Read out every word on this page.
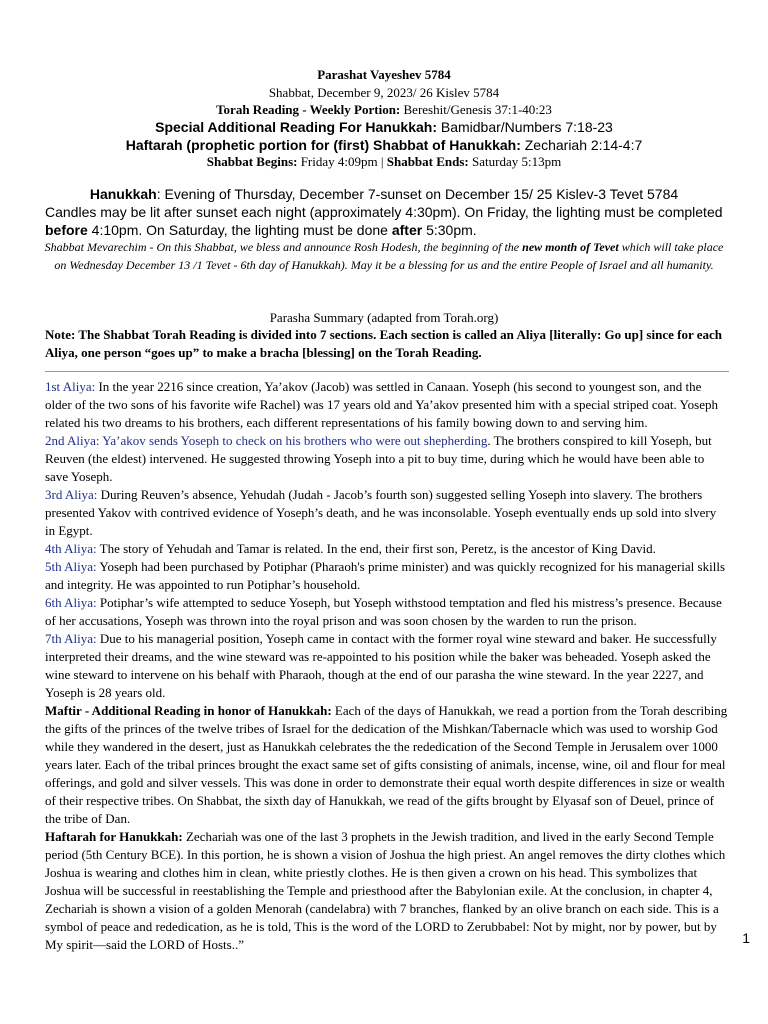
Parashat Vayeshev 5784
Shabbat, December 9, 2023/ 26 Kislev 5784
Torah Reading - Weekly Portion: Bereshit/Genesis 37:1-40:23
Special Additional Reading For Hanukkah: Bamidbar/Numbers 7:18-23
Haftarah (prophetic portion for (first) Shabbat of Hanukkah: Zechariah 2:14-4:7
Shabbat Begins: Friday 4:09pm | Shabbat Ends: Saturday 5:13pm
Hanukkah: Evening of Thursday, December 7-sunset on December 15/ 25 Kislev-3 Tevet 5784
Candles may be lit after sunset each night (approximately 4:30pm). On Friday, the lighting must be completed
before 4:10pm. On Saturday, the lighting must be done after 5:30pm.
Shabbat Mevarechim - On this Shabbat, we bless and announce Rosh Hodesh, the beginning of the new month of Tevet which will take place on Wednesday December 13 /1 Tevet - 6th day of Hanukkah). May it be a blessing for us and the entire People of Israel and all humanity.
Parasha Summary (adapted from Torah.org)
Note: The Shabbat Torah Reading is divided into 7 sections. Each section is called an Aliya [literally: Go up] since for each Aliya, one person “goes up” to make a bracha [blessing] on the Torah Reading.

1st Aliya: In the year 2216 since creation, Ya’akov (Jacob) was settled in Canaan. Yoseph (his second to youngest son, and the older of the two sons of his favorite wife Rachel) was 17 years old and Ya’akov presented him with a special striped coat. Yoseph related his two dreams to his brothers, each different representations of his family bowing down to and serving him.

2nd Aliya: Ya’akov sends Yoseph to check on his brothers who were out shepherding. The brothers conspired to kill Yoseph, but Reuven (the eldest) intervened. He suggested throwing Yoseph into a pit to buy time, during which he would have been able to save Yoseph.

3rd Aliya: During Reuven’s absence, Yehudah (Judah - Jacob’s fourth son) suggested selling Yoseph into slavery. The brothers presented Yakov with contrived evidence of Yoseph’s death, and he was inconsolable. Yoseph eventually ends up sold into slvery in Egypt.

4th Aliya: The story of Yehudah and Tamar is related. In the end, their first son, Peretz, is the ancestor of King David.

5th Aliya: Yoseph had been purchased by Potiphar (Pharaoh's prime minister) and was quickly recognized for his managerial skills and integrity. He was appointed to run Potiphar’s household.

6th Aliya: Potiphar’s wife attempted to seduce Yoseph, but Yoseph withstood temptation and fled his mistress’s presence. Because of her accusations, Yoseph was thrown into the royal prison and was soon chosen by the warden to run the prison.

7th Aliya: Due to his managerial position, Yoseph came in contact with the former royal wine steward and baker. He successfully interpreted their dreams, and the wine steward was re-appointed to his position while the baker was beheaded. Yoseph asked the wine steward to intervene on his behalf with Pharaoh, though at the end of our parasha the wine steward. In the year 2227, and Yoseph is 28 years old.

Maftir - Additional Reading in honor of Hanukkah: Each of the days of Hanukkah, we read a portion from the Torah describing the gifts of the princes of the twelve tribes of Israel for the dedication of the Mishkan/Tabernacle which was used to worship God while they wandered in the desert, just as Hanukkah celebrates the the rededication of the Second Temple in Jerusalem over 1000 years later. Each of the tribal princes brought the exact same set of gifts consisting of animals, incense, wine, oil and flour for meal offerings, and gold and silver vessels. This was done in order to demonstrate their equal worth despite differences in size or wealth of their respective tribes. On Shabbat, the sixth day of Hanukkah, we read of the gifts brought by Elyasaf son of Deuel, prince of the tribe of Dan.

Haftarah for Hanukkah: Zechariah was one of the last 3 prophets in the Jewish tradition, and lived in the early Second Temple period (5th Century BCE). In this portion, he is shown a vision of Joshua the high priest. An angel removes the dirty clothes which Joshua is wearing and clothes him in clean, white priestly clothes. He is then given a crown on his head. This symbolizes that Joshua will be successful in reestablishing the Temple and priesthood after the Babylonian exile. At the conclusion, in chapter 4, Zechariah is shown a vision of a golden Menorah (candelabra) with 7 branches, flanked by an olive branch on each side. This is a symbol of peace and rededication, as he is told, This is the word of the LORD to Zerubbabel: Not by might, nor by power, but by My spirit—said the LORD of Hosts..”	1
